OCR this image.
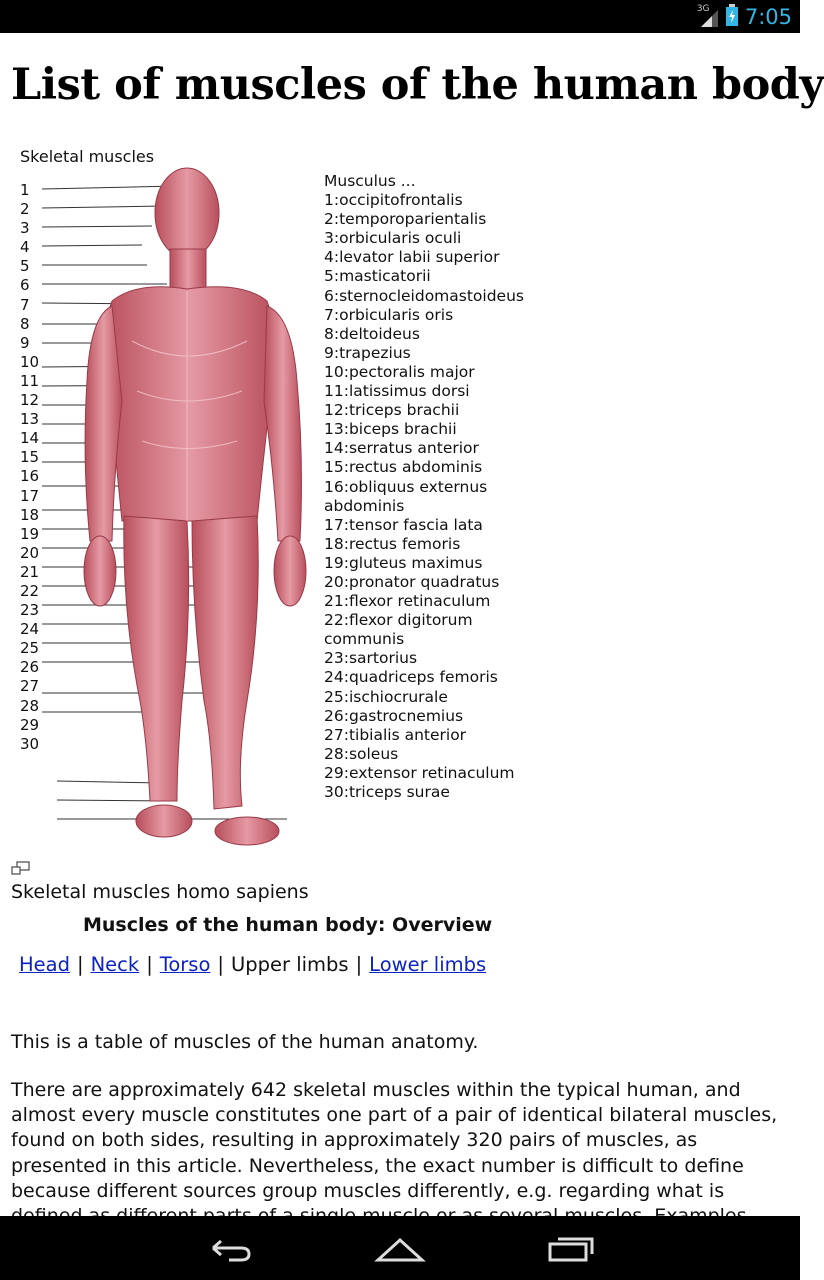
3G 7:05
List of muscles of the human body
Skeletal muscles
1
2
3
4
5
6
7
8
9
10
11
12
13
14
15
16
17
18
19
20
21
22
23
24
25
26
27
28
29
30
Musculus ...
1:occipitofrontalis
2:temporoparientalis
3:orbicularis oculi
4:levator labii superior
5:masticatorii
6:sternocleidomastoideus
7:orbicularis oris
8:deltoideus
9:trapezius
10:pectoralis major
11:latissimus dorsi
12:triceps brachii
13:biceps brachii
14:serratus anterior
15:rectus abdominis
16:obliquus externus
abdominis
17:tensor fascia lata
18:rectus femoris
19:gluteus maximus
20:pronator quadratus
21:flexor retinaculum
22:flexor digitorum
communis
23:sartorius
24:quadriceps femoris
25:ischiocrurale
26:gastrocnemius
27:tibialis anterior
28:soleus
29:extensor retinaculum
30:triceps surae
Skeletal muscles homo sapiens
Muscles of the human body: Overview
Head | Neck | Torso | Upper limbs | Lower limbs

This is a table of muscles of the human anatomy.

There are approximately 642 skeletal muscles within the typical human, and almost every muscle constitutes one part of a pair of identical bilateral muscles, found on both sides, resulting in approximately 320 pairs of muscles, as presented in this article. Nevertheless, the exact number is difficult to define because different sources group muscles differently, e.g. regarding what is
